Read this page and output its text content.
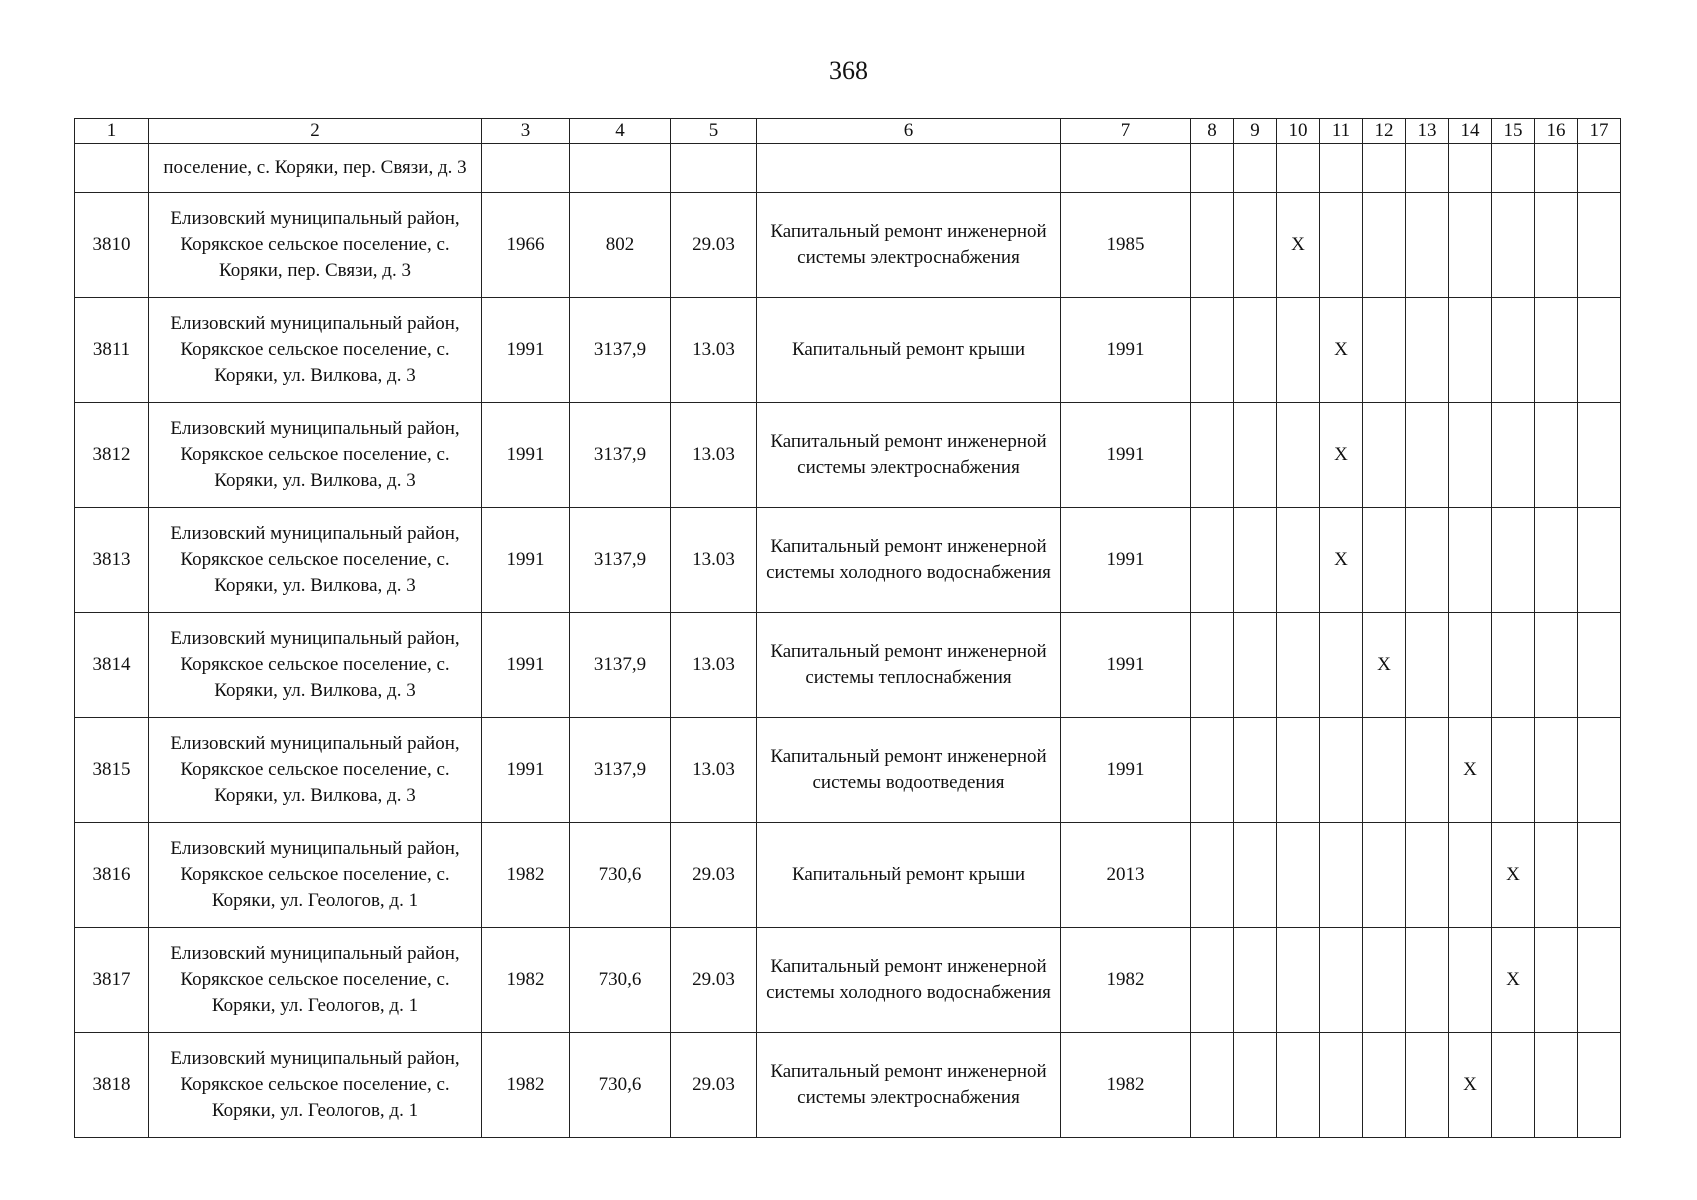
368
1	2	3	4	5	6	7	8	9	10	11	12	13	14	15	16	17
	поселение, с. Коряки, пер. Связи, д. 3															
3810	Елизовский муниципальный район, Корякское сельское поселение, с. Коряки, пер. Связи, д. 3	1966	802	29.03	Капитальный ремонт инженерной системы электроснабжения	1985			X							
3811	Елизовский муниципальный район, Корякское сельское поселение, с. Коряки, ул. Вилкова, д. 3	1991	3137,9	13.03	Капитальный ремонт крыши	1991				X						
3812	Елизовский муниципальный район, Корякское сельское поселение, с. Коряки, ул. Вилкова, д. 3	1991	3137,9	13.03	Капитальный ремонт инженерной системы электроснабжения	1991				X						
3813	Елизовский муниципальный район, Корякское сельское поселение, с. Коряки, ул. Вилкова, д. 3	1991	3137,9	13.03	Капитальный ремонт инженерной системы холодного водоснабжения	1991				X						
3814	Елизовский муниципальный район, Корякское сельское поселение, с. Коряки, ул. Вилкова, д. 3	1991	3137,9	13.03	Капитальный ремонт инженерной системы теплоснабжения	1991					X					
3815	Елизовский муниципальный район, Корякское сельское поселение, с. Коряки, ул. Вилкова, д. 3	1991	3137,9	13.03	Капитальный ремонт инженерной системы водоотведения	1991							X			
3816	Елизовский муниципальный район, Корякское сельское поселение, с. Коряки, ул. Геологов, д. 1	1982	730,6	29.03	Капитальный ремонт крыши	2013								X		
3817	Елизовский муниципальный район, Корякское сельское поселение, с. Коряки, ул. Геологов, д. 1	1982	730,6	29.03	Капитальный ремонт инженерной системы холодного водоснабжения	1982								X		
3818	Елизовский муниципальный район, Корякское сельское поселение, с. Коряки, ул. Геологов, д. 1	1982	730,6	29.03	Капитальный ремонт инженерной системы электроснабжения	1982							X			
